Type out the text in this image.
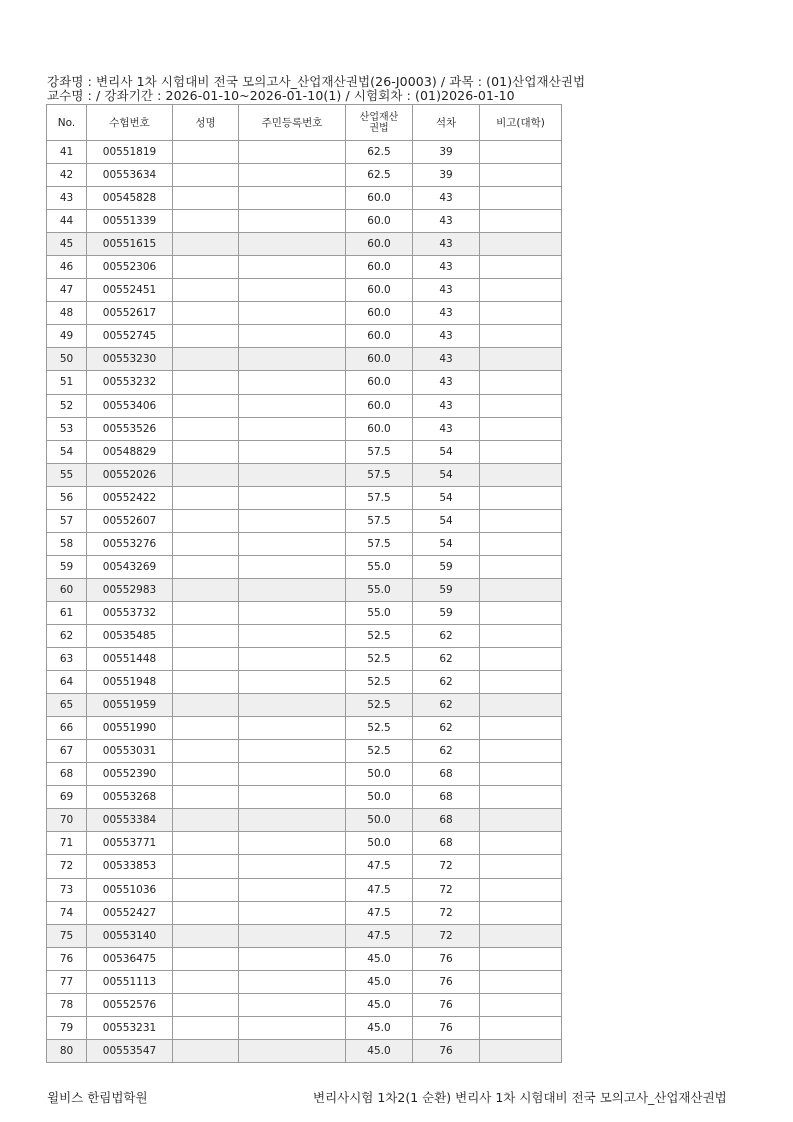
강좌명 : 변리사 1차 시험대비 전국 모의고사_산업재산권법(26-J0003) / 과목 : (01)산업재산권법
교수명 : / 강좌기간 : 2026-01-10~2026-01-10(1) / 시험회차 : (01)2026-01-10
No.	수험번호	성명	주민등록번호	산업재산권법	석차	비고(대학)
41	00551819			62.5	39	
42	00553634			62.5	39	
43	00545828			60.0	43	
44	00551339			60.0	43	
45	00551615			60.0	43	
46	00552306			60.0	43	
47	00552451			60.0	43	
48	00552617			60.0	43	
49	00552745			60.0	43	
50	00553230			60.0	43	
51	00553232			60.0	43	
52	00553406			60.0	43	
53	00553526			60.0	43	
54	00548829			57.5	54	
55	00552026			57.5	54	
56	00552422			57.5	54	
57	00552607			57.5	54	
58	00553276			57.5	54	
59	00543269			55.0	59	
60	00552983			55.0	59	
61	00553732			55.0	59	
62	00535485			52.5	62	
63	00551448			52.5	62	
64	00551948			52.5	62	
65	00551959			52.5	62	
66	00551990			52.5	62	
67	00553031			52.5	62	
68	00552390			50.0	68	
69	00553268			50.0	68	
70	00553384			50.0	68	
71	00553771			50.0	68	
72	00533853			47.5	72	
73	00551036			47.5	72	
74	00552427			47.5	72	
75	00553140			47.5	72	
76	00536475			45.0	76	
77	00551113			45.0	76	
78	00552576			45.0	76	
79	00553231			45.0	76	
80	00553547			45.0	76	
윌비스 한림법학원	변리사시험 1차2(1 순환) 변리사 1차 시험대비 전국 모의고사_산업재산권법
